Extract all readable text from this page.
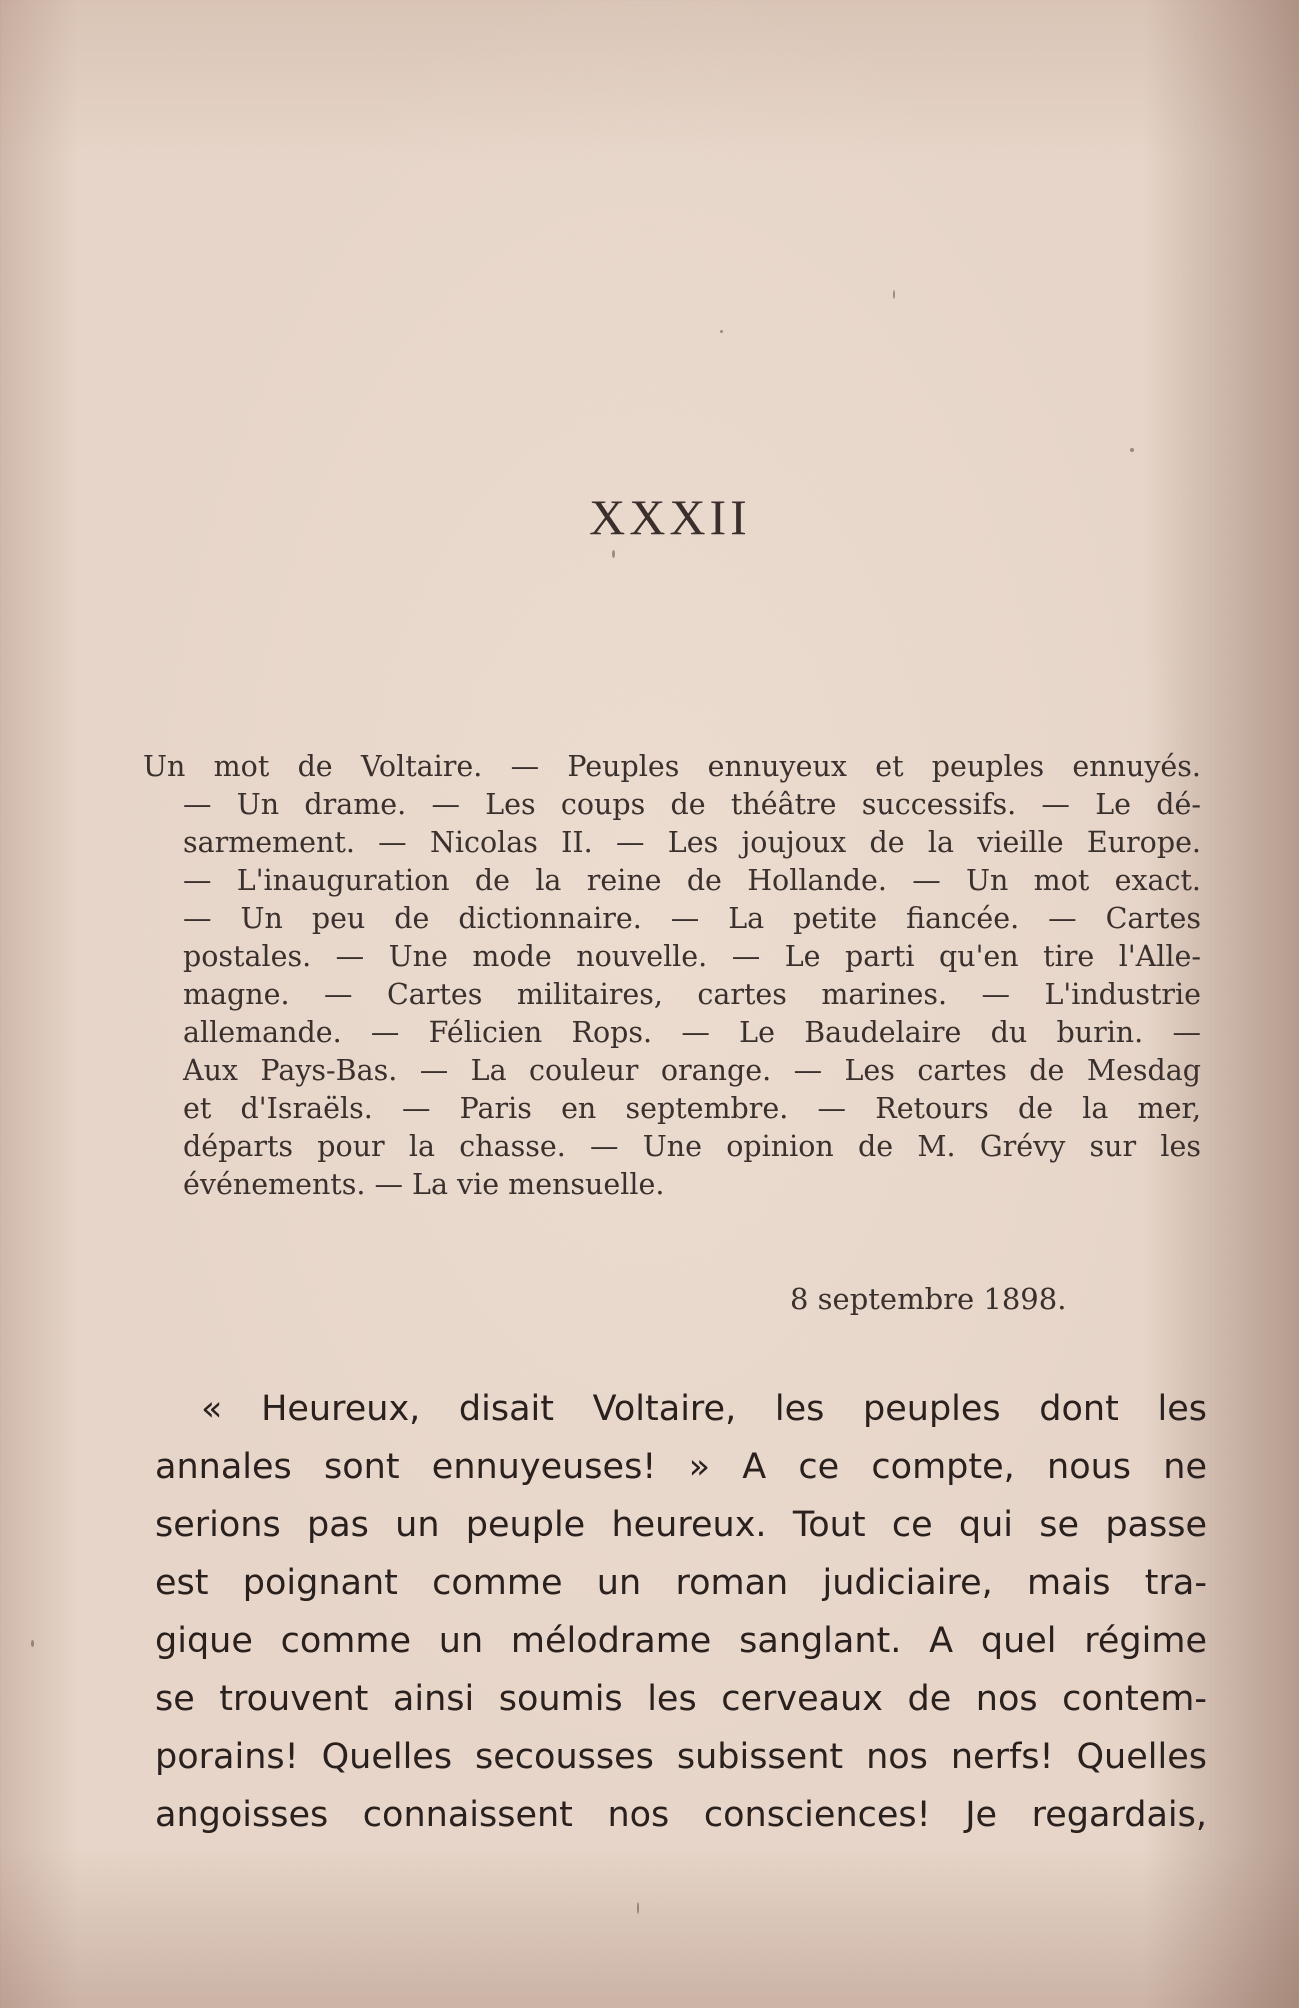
XXXII
Un mot de Voltaire. — Peuples ennuyeux et peuples ennuyés.
— Un drame. — Les coups de théâtre successifs. — Le dé-
sarmement. — Nicolas II. — Les joujoux de la vieille Europe.
— L'inauguration de la reine de Hollande. — Un mot exact.
— Un peu de dictionnaire. — La petite fiancée. — Cartes
postales. — Une mode nouvelle. — Le parti qu'en tire l'Alle-
magne. — Cartes militaires, cartes marines. — L'industrie
allemande. — Félicien Rops. — Le Baudelaire du burin. —
Aux Pays-Bas. — La couleur orange. — Les cartes de Mesdag
et d'Israëls. — Paris en septembre. — Retours de la mer,
départs pour la chasse. — Une opinion de M. Grévy sur les
événements. — La vie mensuelle.
8 septembre 1898.
« Heureux, disait Voltaire, les peuples dont les
annales sont ennuyeuses! » A ce compte, nous ne
serions pas un peuple heureux. Tout ce qui se passe
est poignant comme un roman judiciaire, mais tra-
gique comme un mélodrame sanglant. A quel régime
se trouvent ainsi soumis les cerveaux de nos contem-
porains! Quelles secousses subissent nos nerfs! Quelles
angoisses connaissent nos consciences! Je regardais,
